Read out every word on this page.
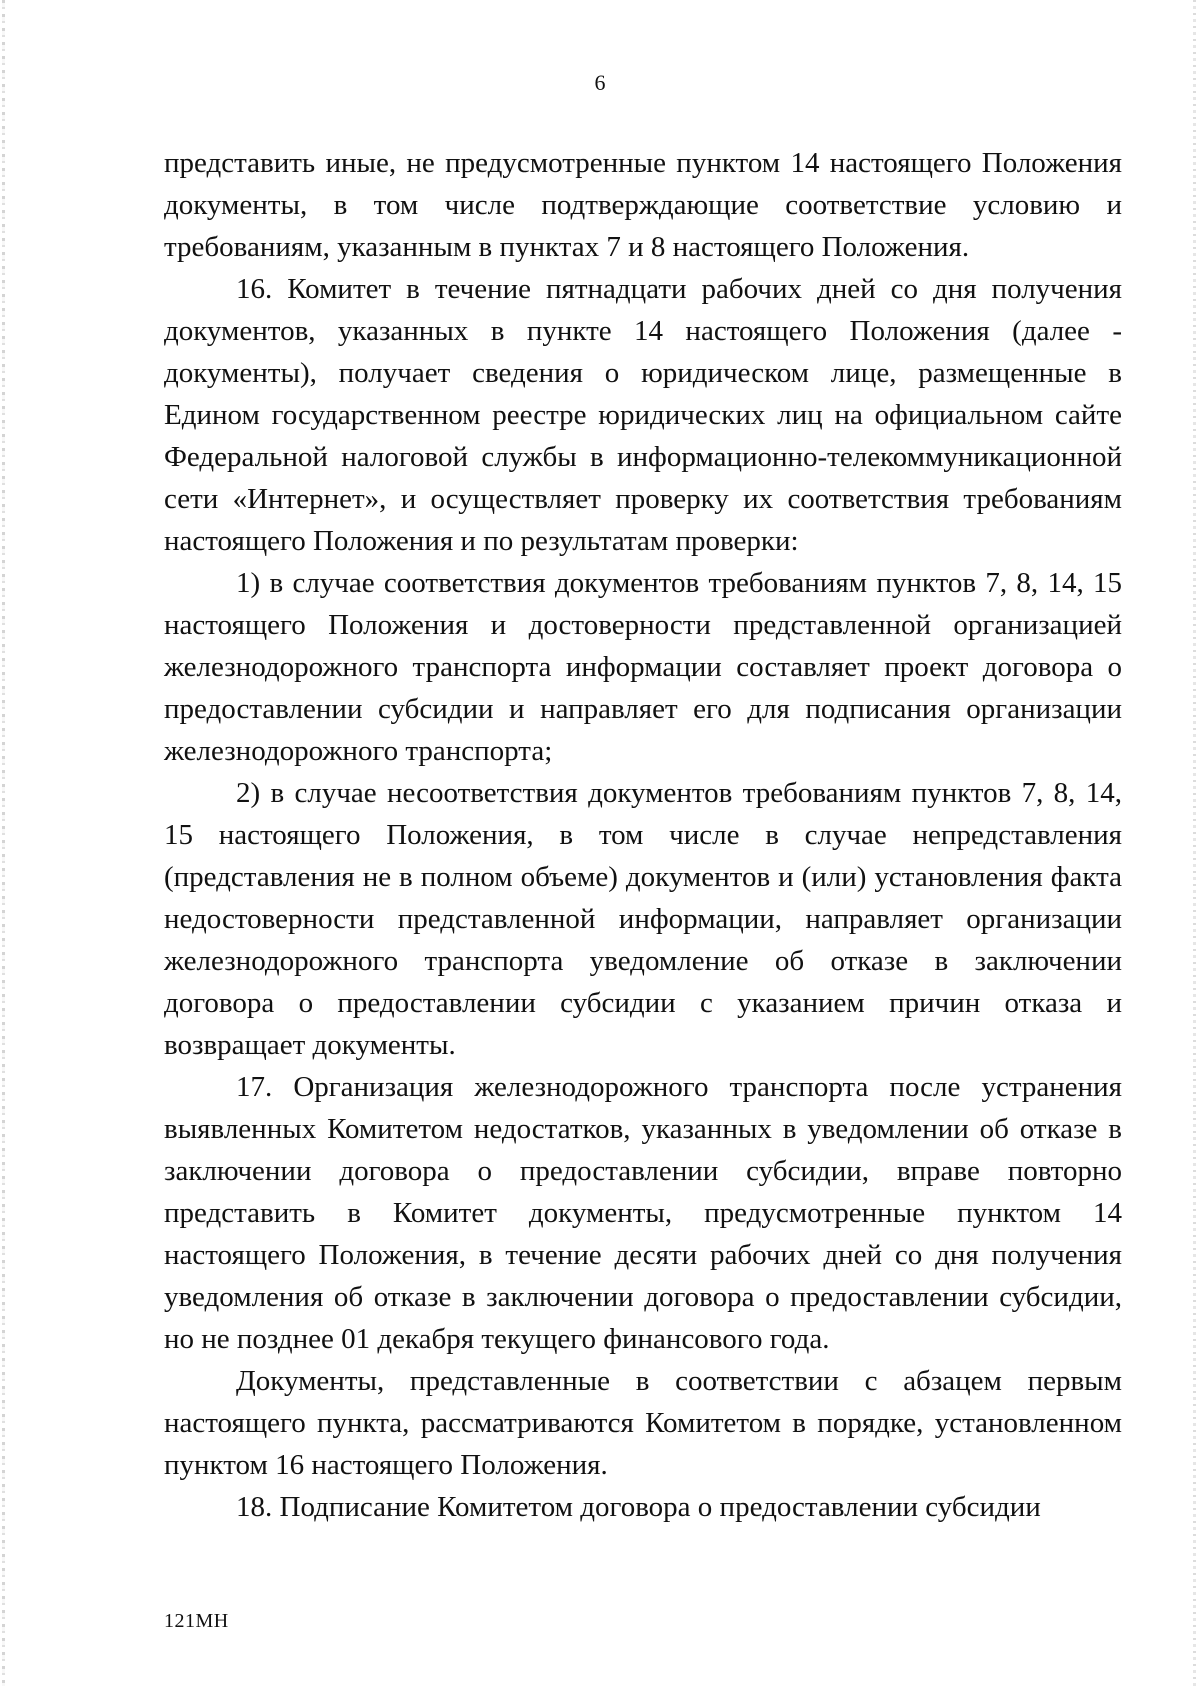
6

представить иные, не предусмотренные пунктом 14 настоящего Положения документы, в том числе подтверждающие соответствие условию и требованиям, указанным в пунктах 7 и 8 настоящего Положения.

16. Комитет в течение пятнадцати рабочих дней со дня получения документов, указанных в пункте 14 настоящего Положения (далее - документы), получает сведения о юридическом лице, размещенные в Едином государственном реестре юридических лиц на официальном сайте Федеральной налоговой службы в информационно-телекоммуникационной сети «Интернет», и осуществляет проверку их соответствия требованиям настоящего Положения и по результатам проверки:

1) в случае соответствия документов требованиям пунктов 7, 8, 14, 15 настоящего Положения и достоверности представленной организацией железнодорожного транспорта информации составляет проект договора о предоставлении субсидии и направляет его для подписания организации железнодорожного транспорта;

2) в случае несоответствия документов требованиям пунктов 7, 8, 14, 15 настоящего Положения, в том числе в случае непредставления (представления не в полном объеме) документов и (или) установления факта недостоверности представленной информации, направляет организации железнодорожного транспорта уведомление об отказе в заключении договора о предоставлении субсидии с указанием причин отказа и возвращает документы.

17. Организация железнодорожного транспорта после устранения выявленных Комитетом недостатков, указанных в уведомлении об отказе в заключении договора о предоставлении субсидии, вправе повторно представить в Комитет документы, предусмотренные пунктом 14 настоящего Положения, в течение десяти рабочих дней со дня получения уведомления об отказе в заключении договора о предоставлении субсидии, но не позднее 01 декабря текущего финансового года.

Документы, представленные в соответствии с абзацем первым настоящего пункта, рассматриваются Комитетом в порядке, установленном пунктом 16 настоящего Положения.

18. Подписание Комитетом договора о предоставлении субсидии

121МН
